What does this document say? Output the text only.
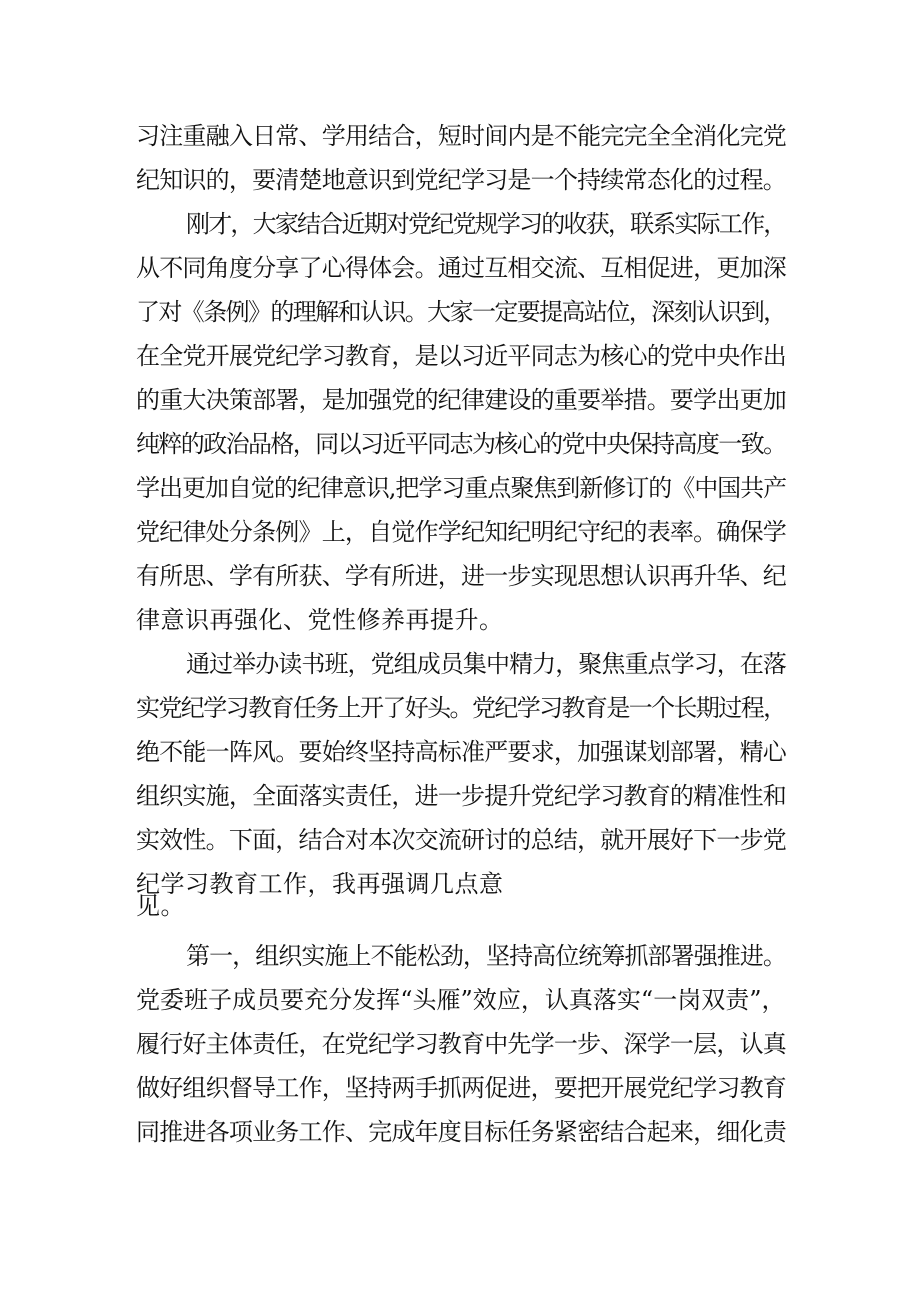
习注重融入日常、学用结合，短时间内是不能完完全全消化完党
纪知识的，要清楚地意识到党纪学习是一个持续常态化的过程。
刚才，大家结合近期对党纪党规学习的收获，联系实际工作，
从不同角度分享了心得体会。通过互相交流、互相促进，更加深
了对《条例》的理解和认识。大家一定要提高站位，深刻认识到，
在全党开展党纪学习教育，是以习近平同志为核心的党中央作出
的重大决策部署，是加强党的纪律建设的重要举措。要学出更加
纯粹的政治品格，同以习近平同志为核心的党中央保持高度一致。
学出更加自觉的纪律意识,把学习重点聚焦到新修订的《中国共产
党纪律处分条例》上，自觉作学纪知纪明纪守纪的表率。确保学
有所思、学有所获、学有所进，进一步实现思想认识再升华、纪
律意识再强化、党性修养再提升。
通过举办读书班，党组成员集中精力，聚焦重点学习，在落
实党纪学习教育任务上开了好头。党纪学习教育是一个长期过程，
绝不能一阵风。要始终坚持高标准严要求，加强谋划部署，精心
组织实施，全面落实责任，进一步提升党纪学习教育的精准性和
实效性。下面，结合对本次交流研讨的总结，就开展好下一步党
纪学习教育工作，我再强调几点意
见。
第一，组织实施上不能松劲，坚持高位统筹抓部署强推进。
党委班子成员要充分发挥“头雁”效应，认真落实“一岗双责”，
履行好主体责任，在党纪学习教育中先学一步、深学一层，认真
做好组织督导工作，坚持两手抓两促进，要把开展党纪学习教育
同推进各项业务工作、完成年度目标任务紧密结合起来，细化责
